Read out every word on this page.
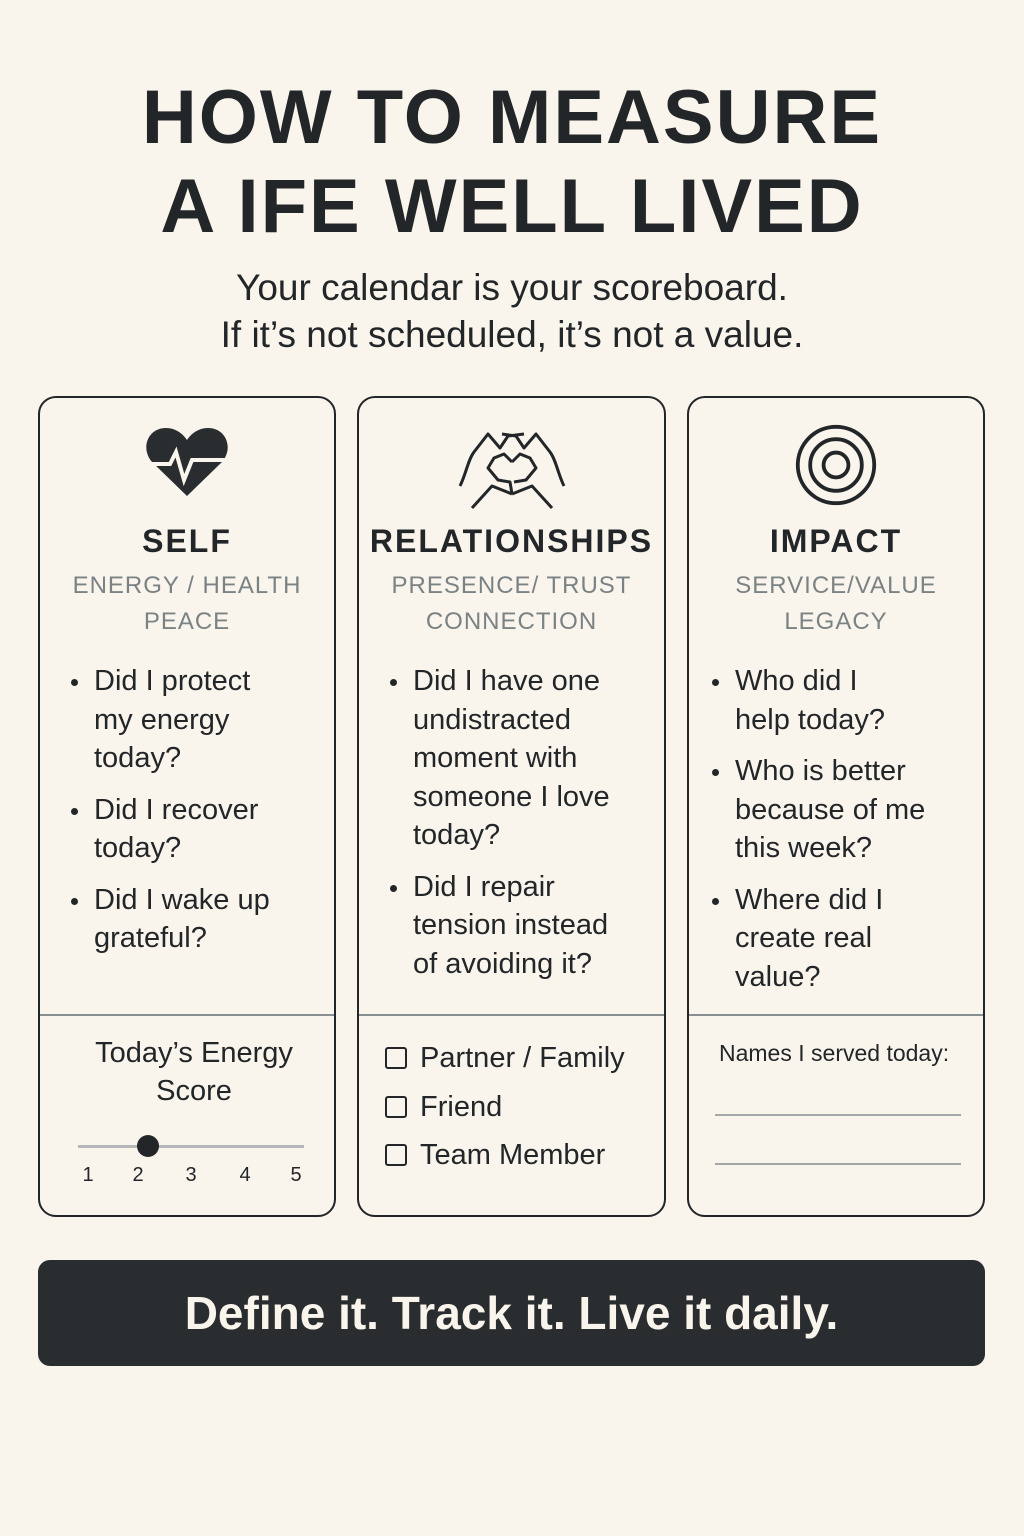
HOW TO MEASURE
A IFE WELL LIVED
Your calendar is your scoreboard.
If it’s not scheduled, it’s not a value.
SELF
ENERGY / HEALTH
PEACE
Did I protect my energy today?
Did I recover today?
Did I wake up grateful?
Today’s Energy Score
1 2 3 4 5
RELATIONSHIPS
PRESENCE/ TRUST
CONNECTION
Did I have one undistracted moment with someone I love today?
Did I repair tension instead of avoiding it?
Partner / Family
Friend
Team Member
IMPACT
SERVICE/VALUE
LEGACY
Who did I help today?
Who is better because of me this week?
Where did I create real value?
Names I served today:
Define it. Track it. Live it daily.
